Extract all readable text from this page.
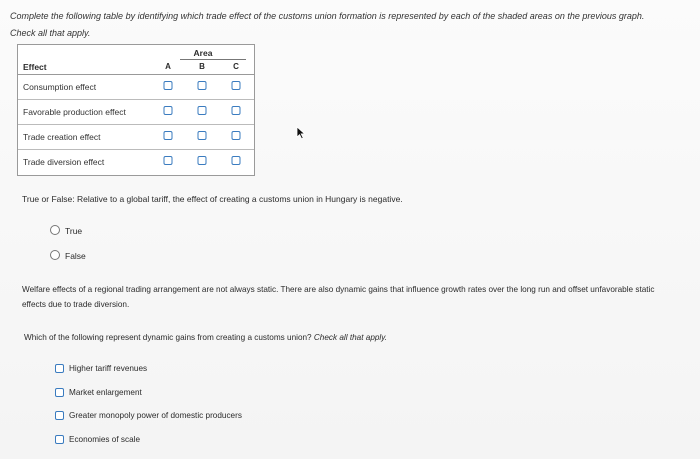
Complete the following table by identifying which trade effect of the customs union formation is represented by each of the shaded areas on the previous graph. Check all that apply.
Area
Effect	A	B	C
Consumption effect
Favorable production effect
Trade creation effect
Trade diversion effect
True or False: Relative to a global tariff, the effect of creating a customs union in Hungary is negative.
True
False
Welfare effects of a regional trading arrangement are not always static. There are also dynamic gains that influence growth rates over the long run and offset unfavorable static effects due to trade diversion.
Which of the following represent dynamic gains from creating a customs union? Check all that apply.
Higher tariff revenues
Market enlargement
Greater monopoly power of domestic producers
Economies of scale
